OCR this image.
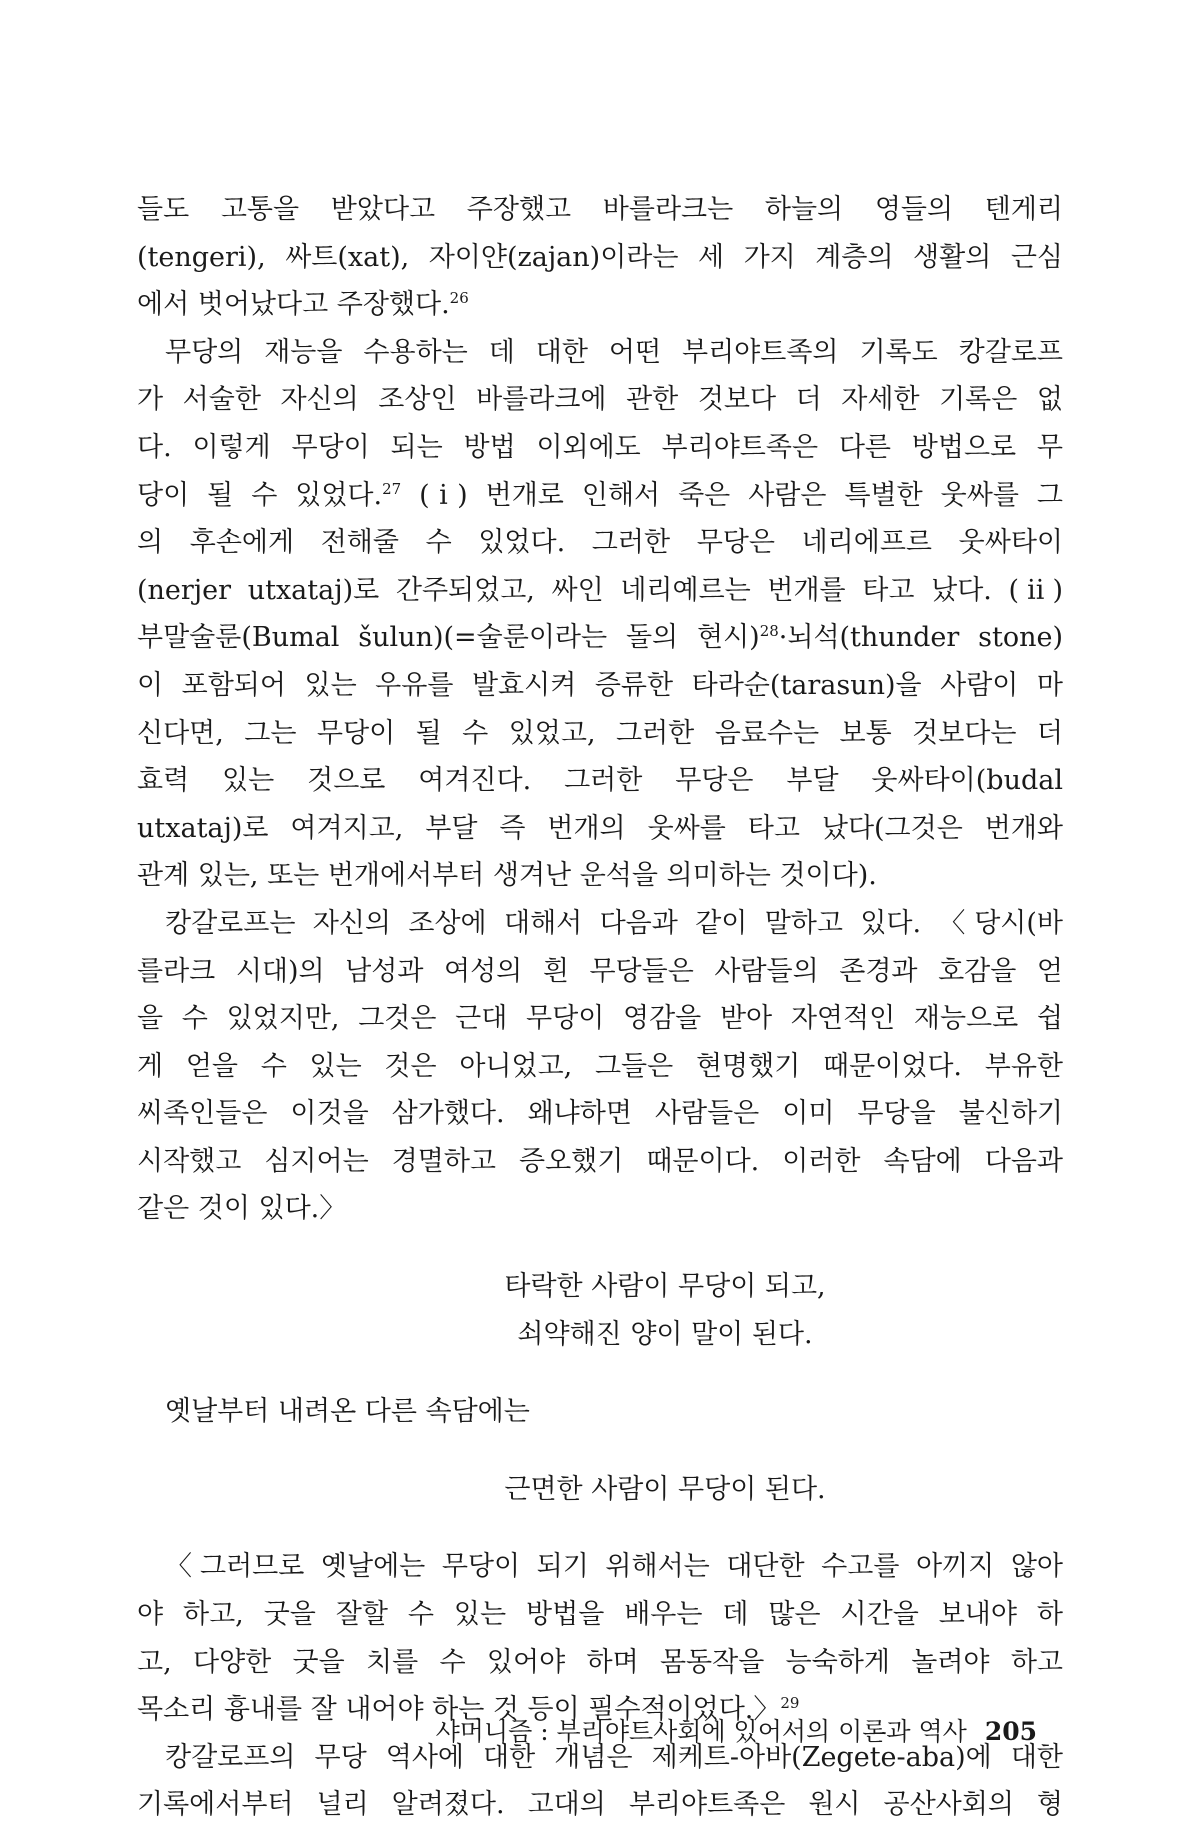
들도 고통을 받았다고 주장했고 바를라크는 하늘의 영들의 텐게리
(tengeri), 싸트(xat), 자이얀(zajan)이라는 세 가지 계층의 생활의 근심
에서 벗어났다고 주장했다.$^{26}$
무당의 재능을 수용하는 데 대한 어떤 부리야트족의 기록도 캉갈로프
가 서술한 자신의 조상인 바를라크에 관한 것보다 더 자세한 기록은 없
다. 이렇게 무당이 되는 방법 이외에도 부리야트족은 다른 방법으로 무
당이 될 수 있었다.$^{27}$ (ⅰ) 번개로 인해서 죽은 사람은 특별한 웃싸를 그
의 후손에게 전해줄 수 있었다. 그러한 무당은 네리에프르 웃싸타이
(nerjer utxataj)로 간주되었고, 싸인 네리예르는 번개를 타고 났다. (ⅱ)
부말술룬(Bumal šulun)(=술룬이라는 돌의 현시)$^{28}$·뇌석(thunder stone)
이 포함되어 있는 우유를 발효시켜 증류한 타라순(tarasun)을 사람이 마
신다면, 그는 무당이 될 수 있었고, 그러한 음료수는 보통 것보다는 더
효력 있는 것으로 여겨진다. 그러한 무당은 부달 웃싸타이(budal
utxataj)로 여겨지고, 부달 즉 번개의 웃싸를 타고 났다(그것은 번개와
관계 있는, 또는 번개에서부터 생겨난 운석을 의미하는 것이다).
캉갈로프는 자신의 조상에 대해서 다음과 같이 말하고 있다. 〈당시(바
를라크 시대)의 남성과 여성의 흰 무당들은 사람들의 존경과 호감을 얻
을 수 있었지만, 그것은 근대 무당이 영감을 받아 자연적인 재능으로 쉽
게 얻을 수 있는 것은 아니었고, 그들은 현명했기 때문이었다. 부유한
씨족인들은 이것을 삼가했다. 왜냐하면 사람들은 이미 무당을 불신하기
시작했고 심지어는 경멸하고 증오했기 때문이다. 이러한 속담에 다음과
같은 것이 있다.〉
타락한 사람이 무당이 되고,
쇠약해진 양이 말이 된다.
옛날부터 내려온 다른 속담에는
근면한 사람이 무당이 된다.
〈그러므로 옛날에는 무당이 되기 위해서는 대단한 수고를 아끼지 않아
야 하고, 굿을 잘할 수 있는 방법을 배우는 데 많은 시간을 보내야 하
고, 다양한 굿을 치를 수 있어야 하며 몸동작을 능숙하게 놀려야 하고
목소리 흉내를 잘 내어야 하는 것 등이 필수적이었다.〉$^{29}$
캉갈로프의 무당 역사에 대한 개념은 제케트-아바(Zegete-aba)에 대한
기록에서부터 널리 알려졌다. 고대의 부리야트족은 원시 공산사회의 형
샤머니즘 : 부리야트사회에 있어서의 이론과 역사 205
